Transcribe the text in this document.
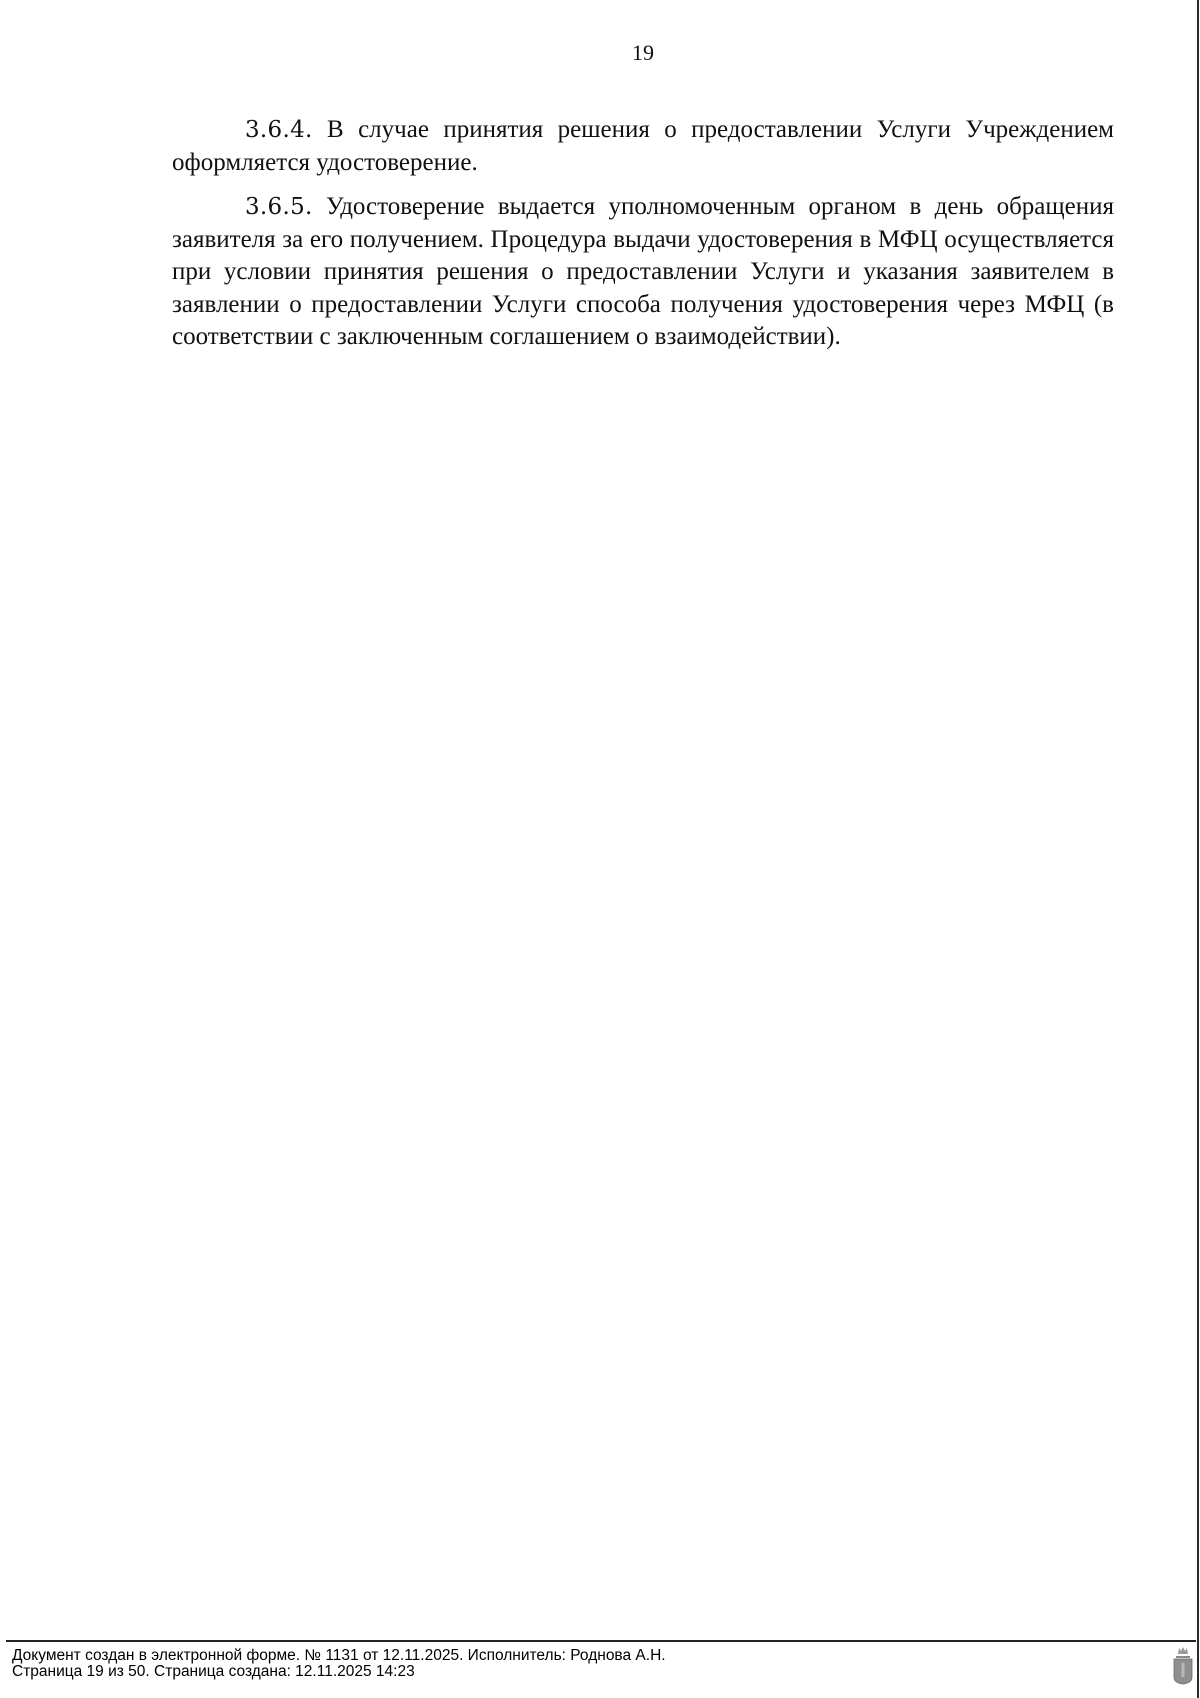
19

3.6.4. В случае принятия решения о предоставлении Услуги Учреждением оформляется удостоверение.

3.6.5. Удостоверение выдается уполномоченным органом в день обращения заявителя за его получением. Процедура выдачи удостоверения в МФЦ осуществляется при условии принятия решения о предоставлении Услуги и указания заявителем в заявлении о предоставлении Услуги способа получения удостоверения через МФЦ (в соответствии с заключенным соглашением о взаимодействии).

Документ создан в электронной форме. № 1131 от 12.11.2025. Исполнитель: Роднова А.Н.
Страница 19 из 50. Страница создана: 12.11.2025 14:23
